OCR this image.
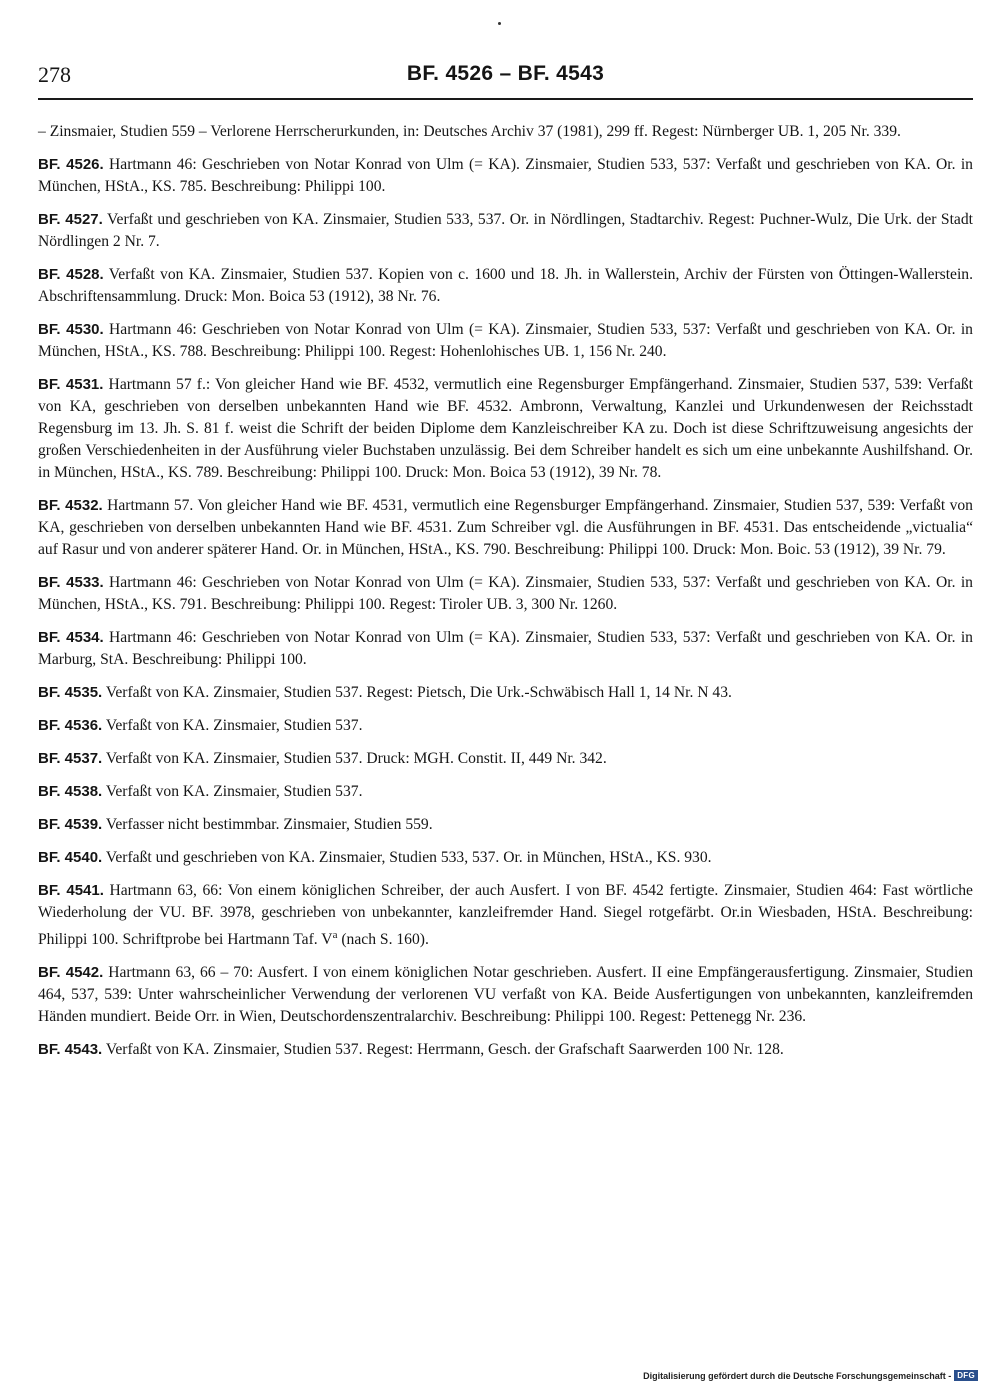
278	BF. 4526 – BF. 4543

– Zinsmaier, Studien 559 – Verlorene Herrscherurkunden, in: Deutsches Archiv 37 (1981), 299 ff. Regest: Nürnberger UB. 1, 205 Nr. 339.

BF. 4526. Hartmann 46: Geschrieben von Notar Konrad von Ulm (= KA). Zinsmaier, Studien 533, 537: Verfaßt und geschrieben von KA. Or. in München, HStA., KS. 785. Beschreibung: Philippi 100.

BF. 4527. Verfaßt und geschrieben von KA. Zinsmaier, Studien 533, 537. Or. in Nördlingen, Stadtarchiv. Regest: Puchner-Wulz, Die Urk. der Stadt Nördlingen 2 Nr. 7.

BF. 4528. Verfaßt von KA. Zinsmaier, Studien 537. Kopien von c. 1600 und 18. Jh. in Wallerstein, Archiv der Fürsten von Öttingen-Wallerstein. Abschriftensammlung. Druck: Mon. Boica 53 (1912), 38 Nr. 76.

BF. 4530. Hartmann 46: Geschrieben von Notar Konrad von Ulm (= KA). Zinsmaier, Studien 533, 537: Verfaßt und geschrieben von KA. Or. in München, HStA., KS. 788. Beschreibung: Philippi 100. Regest: Hohenlohisches UB. 1, 156 Nr. 240.

BF. 4531. Hartmann 57 f.: Von gleicher Hand wie BF. 4532, vermutlich eine Regensburger Empfängerhand. Zinsmaier, Studien 537, 539: Verfaßt von KA, geschrieben von derselben unbekannten Hand wie BF. 4532. Ambronn, Verwaltung, Kanzlei und Urkundenwesen der Reichsstadt Regensburg im 13. Jh. S. 81 f. weist die Schrift der beiden Diplome dem Kanzleischreiber KA zu. Doch ist diese Schriftzuweisung angesichts der großen Verschiedenheiten in der Ausführung vieler Buchstaben unzulässig. Bei dem Schreiber handelt es sich um eine unbekannte Aushilfshand. Or. in München, HStA., KS. 789. Beschreibung: Philippi 100. Druck: Mon. Boica 53 (1912), 39 Nr. 78.

BF. 4532. Hartmann 57. Von gleicher Hand wie BF. 4531, vermutlich eine Regensburger Empfängerhand. Zinsmaier, Studien 537, 539: Verfaßt von KA, geschrieben von derselben unbekannten Hand wie BF. 4531. Zum Schreiber vgl. die Ausführungen in BF. 4531. Das entscheidende „victualia“ auf Rasur und von anderer späterer Hand. Or. in München, HStA., KS. 790. Beschreibung: Philippi 100. Druck: Mon. Boic. 53 (1912), 39 Nr. 79.

BF. 4533. Hartmann 46: Geschrieben von Notar Konrad von Ulm (= KA). Zinsmaier, Studien 533, 537: Verfaßt und geschrieben von KA. Or. in München, HStA., KS. 791. Beschreibung: Philippi 100. Regest: Tiroler UB. 3, 300 Nr. 1260.

BF. 4534. Hartmann 46: Geschrieben von Notar Konrad von Ulm (= KA). Zinsmaier, Studien 533, 537: Verfaßt und geschrieben von KA. Or. in Marburg, StA. Beschreibung: Philippi 100.

BF. 4535. Verfaßt von KA. Zinsmaier, Studien 537. Regest: Pietsch, Die Urk.-Schwäbisch Hall 1, 14 Nr. N 43.

BF. 4536. Verfaßt von KA. Zinsmaier, Studien 537.

BF. 4537. Verfaßt von KA. Zinsmaier, Studien 537. Druck: MGH. Constit. II, 449 Nr. 342.

BF. 4538. Verfaßt von KA. Zinsmaier, Studien 537.

BF. 4539. Verfasser nicht bestimmbar. Zinsmaier, Studien 559.

BF. 4540. Verfaßt und geschrieben von KA. Zinsmaier, Studien 533, 537. Or. in München, HStA., KS. 930.

BF. 4541. Hartmann 63, 66: Von einem königlichen Schreiber, der auch Ausfert. I von BF. 4542 fertigte. Zinsmaier, Studien 464: Fast wörtliche Wiederholung der VU. BF. 3978, geschrieben von unbekannter, kanzleifremder Hand. Siegel rotgefärbt. Or.in Wiesbaden, HStA. Beschreibung: Philippi 100. Schriftprobe bei Hartmann Taf. $V^a$ (nach S. 160).

BF. 4542. Hartmann 63, 66 – 70: Ausfert. I von einem königlichen Notar geschrieben. Ausfert. II eine Empfängerausfertigung. Zinsmaier, Studien 464, 537, 539: Unter wahrscheinlicher Verwendung der verlorenen VU verfaßt von KA. Beide Ausfertigungen von unbekannten, kanzleifremden Händen mundiert. Beide Orr. in Wien, Deutschordenszentralarchiv. Beschreibung: Philippi 100. Regest: Pettenegg Nr. 236.

BF. 4543. Verfaßt von KA. Zinsmaier, Studien 537. Regest: Herrmann, Gesch. der Grafschaft Saarwerden 100 Nr. 128.

Digitalisierung gefördert durch die Deutsche Forschungsgemeinschaft - DFG
